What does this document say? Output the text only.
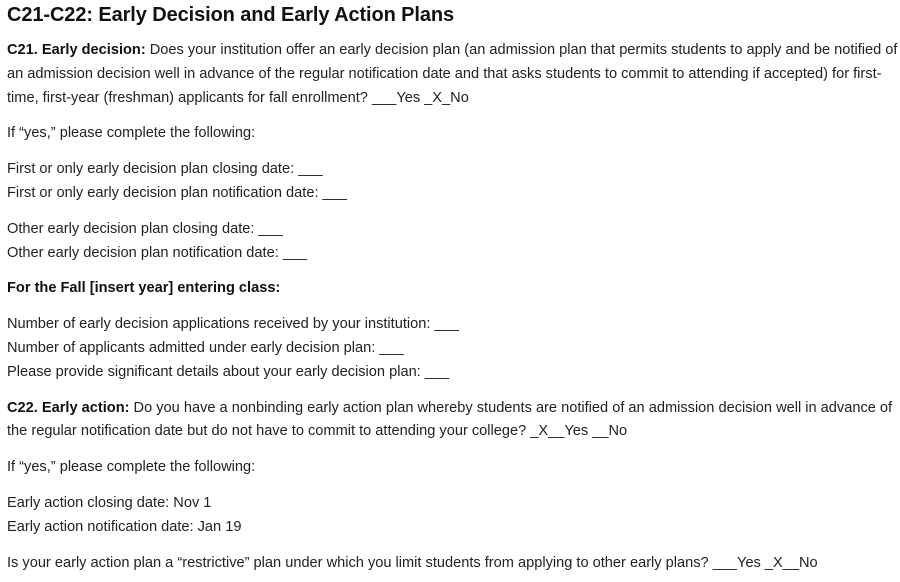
C21-C22: Early Decision and Early Action Plans

C21. Early decision: Does your institution offer an early decision plan (an admission plan that permits students to apply and be notified of an admission decision well in advance of the regular notification date and that asks students to commit to attending if accepted) for first-time, first-year (freshman) applicants for fall enrollment? ___Yes _X_No

If “yes,” please complete the following:

First or only early decision plan closing date: ___
First or only early decision plan notification date: ___

Other early decision plan closing date: ___
Other early decision plan notification date: ___

For the Fall [insert year] entering class:

Number of early decision applications received by your institution: ___
Number of applicants admitted under early decision plan: ___
Please provide significant details about your early decision plan: ___

C22. Early action: Do you have a nonbinding early action plan whereby students are notified of an admission decision well in advance of the regular notification date but do not have to commit to attending your college? _X__Yes __No

If “yes,” please complete the following:

Early action closing date: Nov 1
Early action notification date: Jan 19

Is your early action plan a “restrictive” plan under which you limit students from applying to other early plans? ___Yes _X__No
